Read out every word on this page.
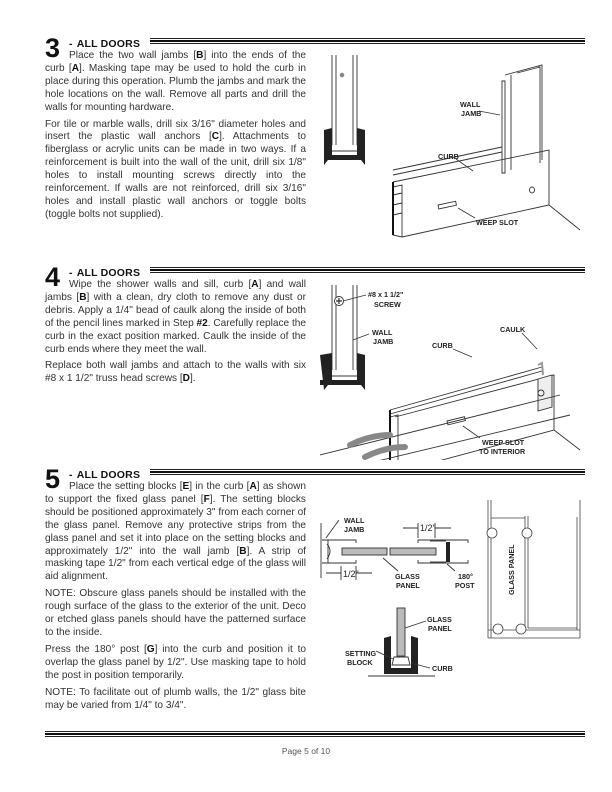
3 - ALL DOORS

Place the two wall jambs [B] into the ends of the curb [A]. Masking tape may be used to hold the curb in place during this operation. Plumb the jambs and mark the hole locations on the wall. Remove all parts and drill the walls for mounting hardware.

For tile or marble walls, drill six 3/16" diameter holes and insert the plastic wall anchors [C]. Attachments to fiberglass or acrylic units can be made in two ways. If a reinforcement is built into the wall of the unit, drill six 1/8" holes to install mounting screws directly into the reinforcement. If walls are not reinforced, drill six 3/16" holes and install plastic wall anchors or toggle bolts (toggle bolts not supplied).

WALL
JAMB
CURB
WEEP SLOT
4 - ALL DOORS

Wipe the shower walls and sill, curb [A] and wall jambs [B] with a clean, dry cloth to remove any dust or debris. Apply a 1/4" bead of caulk along the inside of both of the pencil lines marked in Step #2. Carefully replace the curb in the exact position marked. Caulk the inside of the curb ends where they meet the wall.

Replace both wall jambs and attach to the walls with six #8 x 1 1/2" truss head screws [D].

#8 x 1 1/2"
SCREW
WALL
JAMB	CURB
CAULK
WEEP SLOT
TO INTERIOR
5 - ALL DOORS

Place the setting blocks [E] in the curb [A] as shown to support the fixed glass panel [F]. The setting blocks should be positioned approximately 3" from each corner of the glass panel. Remove any protective strips from the glass panel and set it into place on the setting blocks and approximately 1/2" into the wall jamb [B]. A strip of masking tape 1/2" from each vertical edge of the glass will aid alignment.

NOTE: Obscure glass panels should be installed with the rough surface of the glass to the exterior of the unit. Deco or etched glass panels should have the patterned surface to the inside.

Press the 180° post [G] into the curb and position it to overlap the glass panel by 1/2". Use masking tape to hold the post in position temporarily.

NOTE: To facilitate out of plumb walls, the 1/2" glass bite may be varied from 1/4" to 3/4".

WALL
JAMB	1/2"
1/2"	GLASS
PANEL
180°
POST
GLASS
PANEL
SETTING
BLOCK
CURB
GLASS PANEL
Page 5 of 10
